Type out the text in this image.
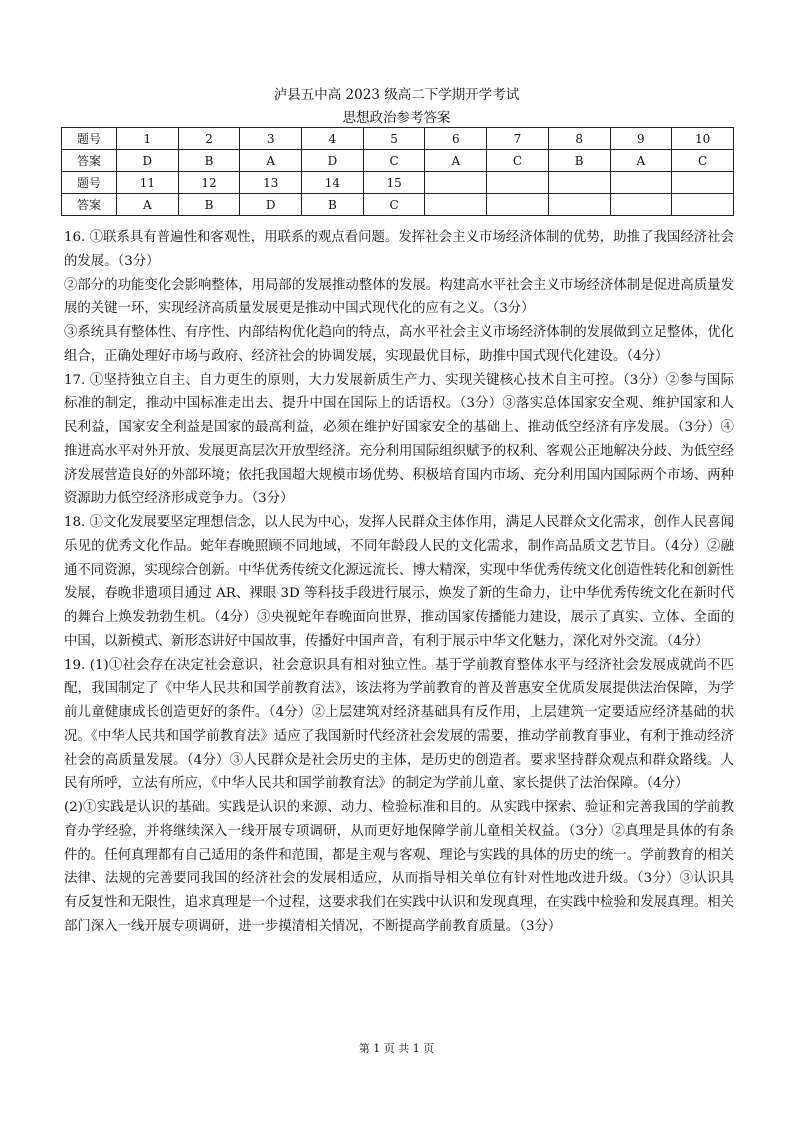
泸县五中高 2023 级高二下学期开学考试
思想政治参考答案
题号	1	2	3	4	5	6	7	8	9	10
答案	D	B	A	D	C	A	C	B	A	C
题号	11	12	13	14	15					
答案	A	B	D	B	C					

16. ①联系具有普遍性和客观性，用联系的观点看问题。发挥社会主义市场经济体制的优势，助推了我国经济社会的发展。（3分）

②部分的功能变化会影响整体，用局部的发展推动整体的发展。构建高水平社会主义市场经济体制是促进高质量发展的关键一环，实现经济高质量发展更是推动中国式现代化的应有之义。（3分）

③系统具有整体性、有序性、内部结构优化趋向的特点，高水平社会主义市场经济体制的发展做到立足整体，优化组合，正确处理好市场与政府、经济社会的协调发展，实现最优目标，助推中国式现代化建设。（4分）

17. ①坚持独立自主、自力更生的原则，大力发展新质生产力、实现关键核心技术自主可控。（3分）②参与国际标准的制定，推动中国标准走出去、提升中国在国际上的话语权。（3分）③落实总体国家安全观、维护国家和人民利益，国家安全利益是国家的最高利益，必须在维护好国家安全的基础上、推动低空经济有序发展。（3分）④推进高水平对外开放、发展更高层次开放型经济。充分利用国际组织赋予的权利、客观公正地解决分歧、为低空经济发展营造良好的外部环境；依托我国超大规模市场优势、积极培育国内市场、充分利用国内国际两个市场、两种资源助力低空经济形成竞争力。（3分）

18. ①文化发展要坚定理想信念，以人民为中心，发挥人民群众主体作用，满足人民群众文化需求，创作人民喜闻乐见的优秀文化作品。蛇年春晚照顾不同地域，不同年龄段人民的文化需求，制作高品质文艺节目。（4分）②融通不同资源，实现综合创新。中华优秀传统文化源远流长、博大精深，实现中华优秀传统文化创造性转化和创新性发展，春晚非遗项目通过 AR、裸眼 3D 等科技手段进行展示，焕发了新的生命力，让中华优秀传统文化在新时代的舞台上焕发勃勃生机。（4分）③央视蛇年春晚面向世界，推动国家传播能力建设，展示了真实、立体、全面的中国，以新模式、新形态讲好中国故事，传播好中国声音，有利于展示中华文化魅力，深化对外交流。（4分）

19. (1)①社会存在决定社会意识，社会意识具有相对独立性。基于学前教育整体水平与经济社会发展成就尚不匹配，我国制定了《中华人民共和国学前教育法》，该法将为学前教育的普及普惠安全优质发展提供法治保障，为学前儿童健康成长创造更好的条件。（4分）②上层建筑对经济基础具有反作用，上层建筑一定要适应经济基础的状况。《中华人民共和国学前教育法》适应了我国新时代经济社会发展的需要，推动学前教育事业，有利于推动经济社会的高质量发展。（4分）③人民群众是社会历史的主体，是历史的创造者。要求坚持群众观点和群众路线。人民有所呼，立法有所应，《中华人民共和国学前教育法》的制定为学前儿童、家长提供了法治保障。（4分）

(2)①实践是认识的基础。实践是认识的来源、动力、检验标准和目的。从实践中探索、验证和完善我国的学前教育办学经验，并将继续深入一线开展专项调研，从而更好地保障学前儿童相关权益。（3分）②真理是具体的有条件的。任何真理都有自己适用的条件和范围，都是主观与客观、理论与实践的具体的历史的统一。学前教育的相关法律、法规的完善要同我国的经济社会的发展相适应，从而指导相关单位有针对性地改进升级。（3分）③认识具有反复性和无限性，追求真理是一个过程，这要求我们在实践中认识和发现真理，在实践中检验和发展真理。相关部门深入一线开展专项调研，进一步摸清相关情况，不断提高学前教育质量。（3分）

第 1 页 共 1 页
